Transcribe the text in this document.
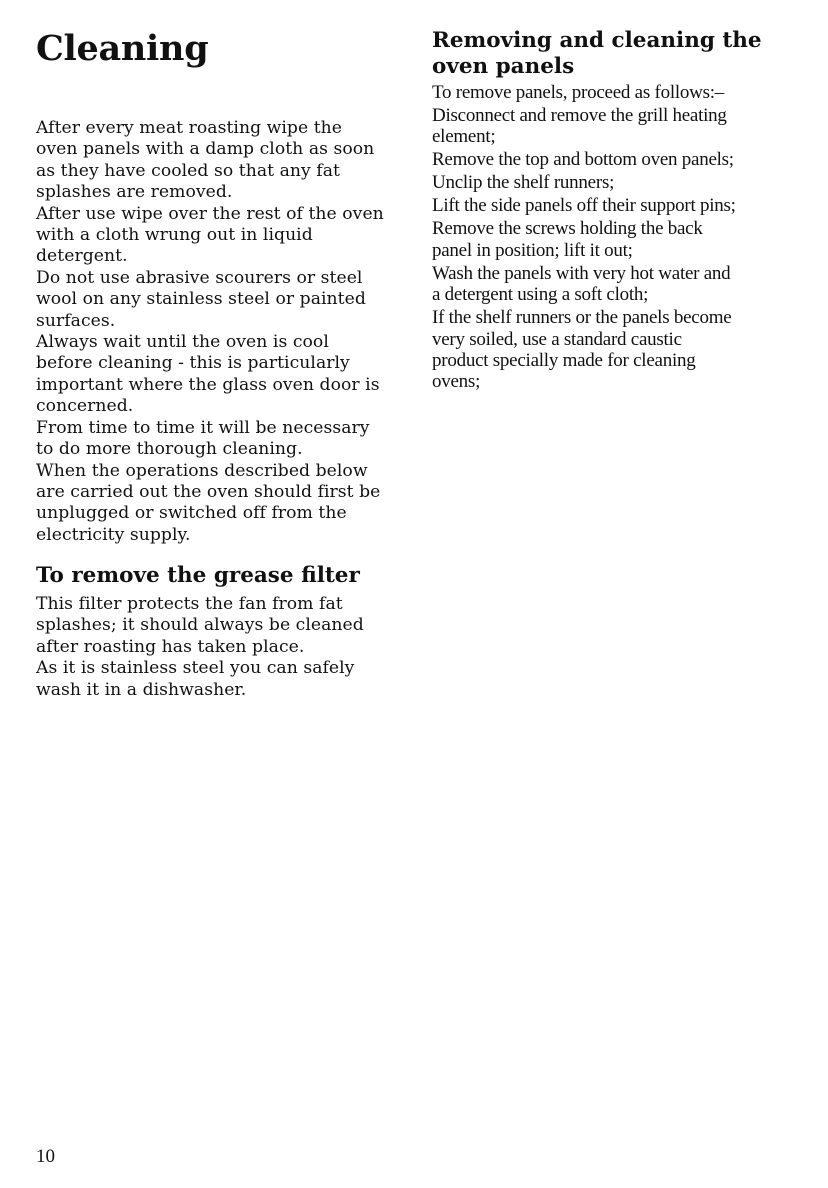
Cleaning

After every meat roasting wipe the

oven panels with a damp cloth as soon

as they have cooled so that any fat

splashes are removed.

After use wipe over the rest of the oven

with a cloth wrung out in liquid

detergent.

Do not use abrasive scourers or steel

wool on any stainless steel or painted

surfaces.

Always wait until the oven is cool

before cleaning - this is particularly

important where the glass oven door is

concerned.

From time to time it will be necessary

to do more thorough cleaning.

When the operations described below

are carried out the oven should first be

unplugged or switched off from the

electricity supply.

To remove the grease filter

This filter protects the fan from fat

splashes; it should always be cleaned

after roasting has taken place.

As it is stainless steel you can safely

wash it in a dishwasher.

Removing and cleaning the
oven panels

To remove panels, proceed as follows:–

Disconnect and remove the grill heating
element;
Remove the top and bottom oven panels;
Unclip the shelf runners;
Lift the side panels off their support pins;
Remove the screws holding the back
panel in position; lift it out;
Wash the panels with very hot water and
a detergent using a soft cloth;
If the shelf runners or the panels become
very soiled, use a standard caustic
product specially made for cleaning
ovens;
10
